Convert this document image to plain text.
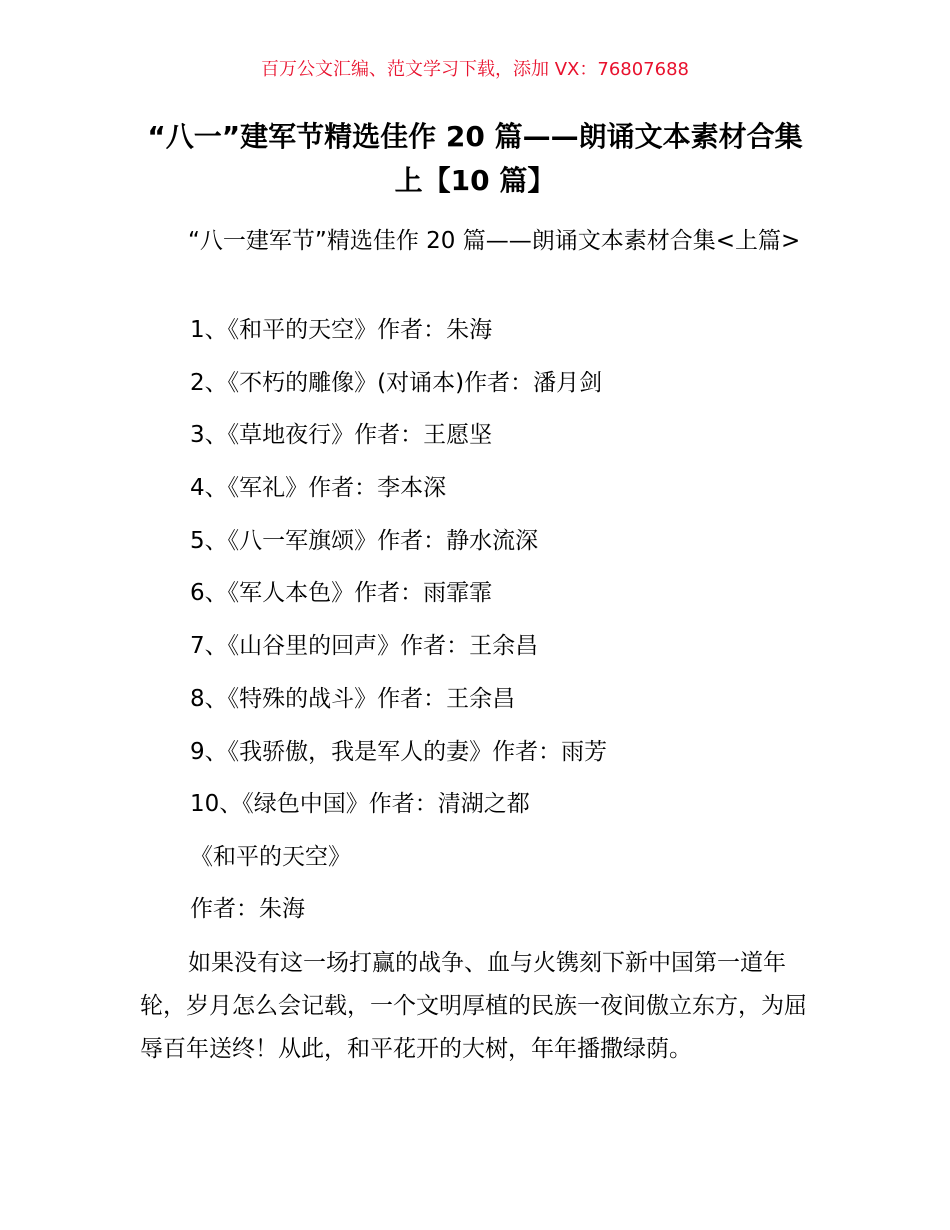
百万公文汇编、范文学习下载，添加 VX：76807688
“八一”建军节精选佳作 20 篇——朗诵文本素材合集上【10 篇】

“八一建军节”精选佳作 20 篇——朗诵文本素材合集<上篇>

1、《和平的天空》作者：朱海
2、《不朽的雕像》(对诵本)作者：潘月剑
3、《草地夜行》作者：王愿坚
4、《军礼》作者：李本深
5、《八一军旗颂》作者：静水流深
6、《军人本色》作者：雨霏霏
7、《山谷里的回声》作者：王余昌
8、《特殊的战斗》作者：王余昌
9、《我骄傲，我是军人的妻》作者：雨芳
10、《绿色中国》作者：清湖之都

《和平的天空》

作者：朱海

如果没有这一场打赢的战争、血与火镌刻下新中国第一道年轮，岁月怎么会记载，一个文明厚植的民族一夜间傲立东方，为屈辱百年送终！从此，和平花开的大树，年年播撒绿荫。
